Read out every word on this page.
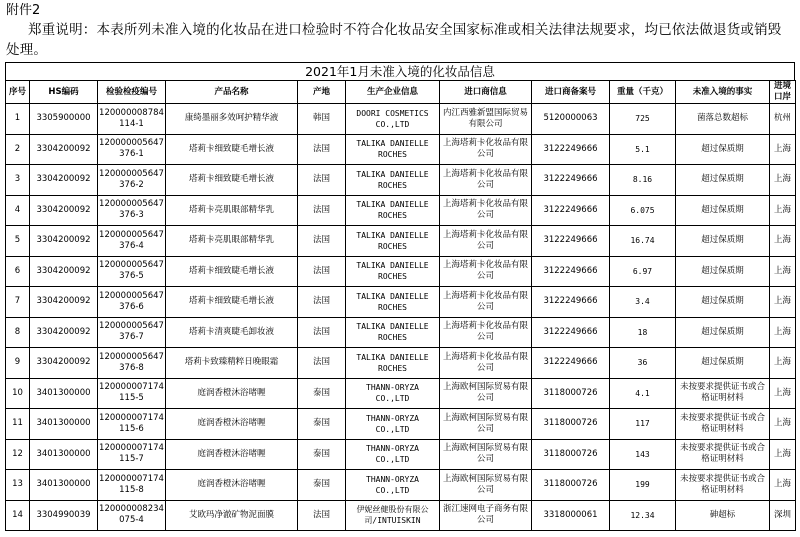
附件2
郑重说明：本表所列未准入境的化妆品在进口检验时不符合化妆品安全国家标准或相关法律法规要求，均已依法做退货或销毁处理。
2021年1月未准入境的化妆品信息
序号	HS编码	检验检疫编号	产品名称	产地	生产企业信息	进口商信息	进口商备案号	重量（千克）	未准入境的事实	进境口岸
1	3305900000	120000008784114-1	康绮墨丽多效呵护精华液	韩国	DOORI COSMETICS CO.,LTD	内江西雅新盟国际贸易有限公司	5120000063	725	菌落总数超标	杭州
2	3304200092	120000005647376-1	塔莉卡细致睫毛增长液	法国	TALIKA DANIELLE ROCHES	上海塔莉卡化妆品有限公司	3122249666	5.1	超过保质期	上海
3	3304200092	120000005647376-2	塔莉卡细致睫毛增长液	法国	TALIKA DANIELLE ROCHES	上海塔莉卡化妆品有限公司	3122249666	8.16	超过保质期	上海
4	3304200092	120000005647376-3	塔莉卡亮肌眼部精华乳	法国	TALIKA DANIELLE ROCHES	上海塔莉卡化妆品有限公司	3122249666	6.075	超过保质期	上海
5	3304200092	120000005647376-4	塔莉卡亮肌眼部精华乳	法国	TALIKA DANIELLE ROCHES	上海塔莉卡化妆品有限公司	3122249666	16.74	超过保质期	上海
6	3304200092	120000005647376-5	塔莉卡细致睫毛增长液	法国	TALIKA DANIELLE ROCHES	上海塔莉卡化妆品有限公司	3122249666	6.97	超过保质期	上海
7	3304200092	120000005647376-6	塔莉卡细致睫毛增长液	法国	TALIKA DANIELLE ROCHES	上海塔莉卡化妆品有限公司	3122249666	3.4	超过保质期	上海
8	3304200092	120000005647376-7	塔莉卡清爽睫毛卸妆液	法国	TALIKA DANIELLE ROCHES	上海塔莉卡化妆品有限公司	3122249666	18	超过保质期	上海
9	3304200092	120000005647376-8	塔莉卡致臻精粹日晚眼霜	法国	TALIKA DANIELLE ROCHES	上海塔莉卡化妆品有限公司	3122249666	36	超过保质期	上海
10	3401300000	120000007174115-5	庭润香橙沐浴啫喱	泰国	THANN-ORYZA CO.,LTD	上海欧柯国际贸易有限公司	3118000726	4.1	未按要求提供证书或合格证明材料	上海
11	3401300000	120000007174115-6	庭润香橙沐浴啫喱	泰国	THANN-ORYZA CO.,LTD	上海欧柯国际贸易有限公司	3118000726	117	未按要求提供证书或合格证明材料	上海
12	3401300000	120000007174115-7	庭润香橙沐浴啫喱	泰国	THANN-ORYZA CO.,LTD	上海欧柯国际贸易有限公司	3118000726	143	未按要求提供证书或合格证明材料	上海
13	3401300000	120000007174115-8	庭润香橙沐浴啫喱	泰国	THANN-ORYZA CO.,LTD	上海欧柯国际贸易有限公司	3118000726	199	未按要求提供证书或合格证明材料	上海
14	3304990039	120000008234075-4	艾欧玛净澈矿物泥面膜	法国	伊妮丝健股份有限公司/INTUISKIN	浙江速网电子商务有限公司	3318000061	12.34	砷超标	深圳
